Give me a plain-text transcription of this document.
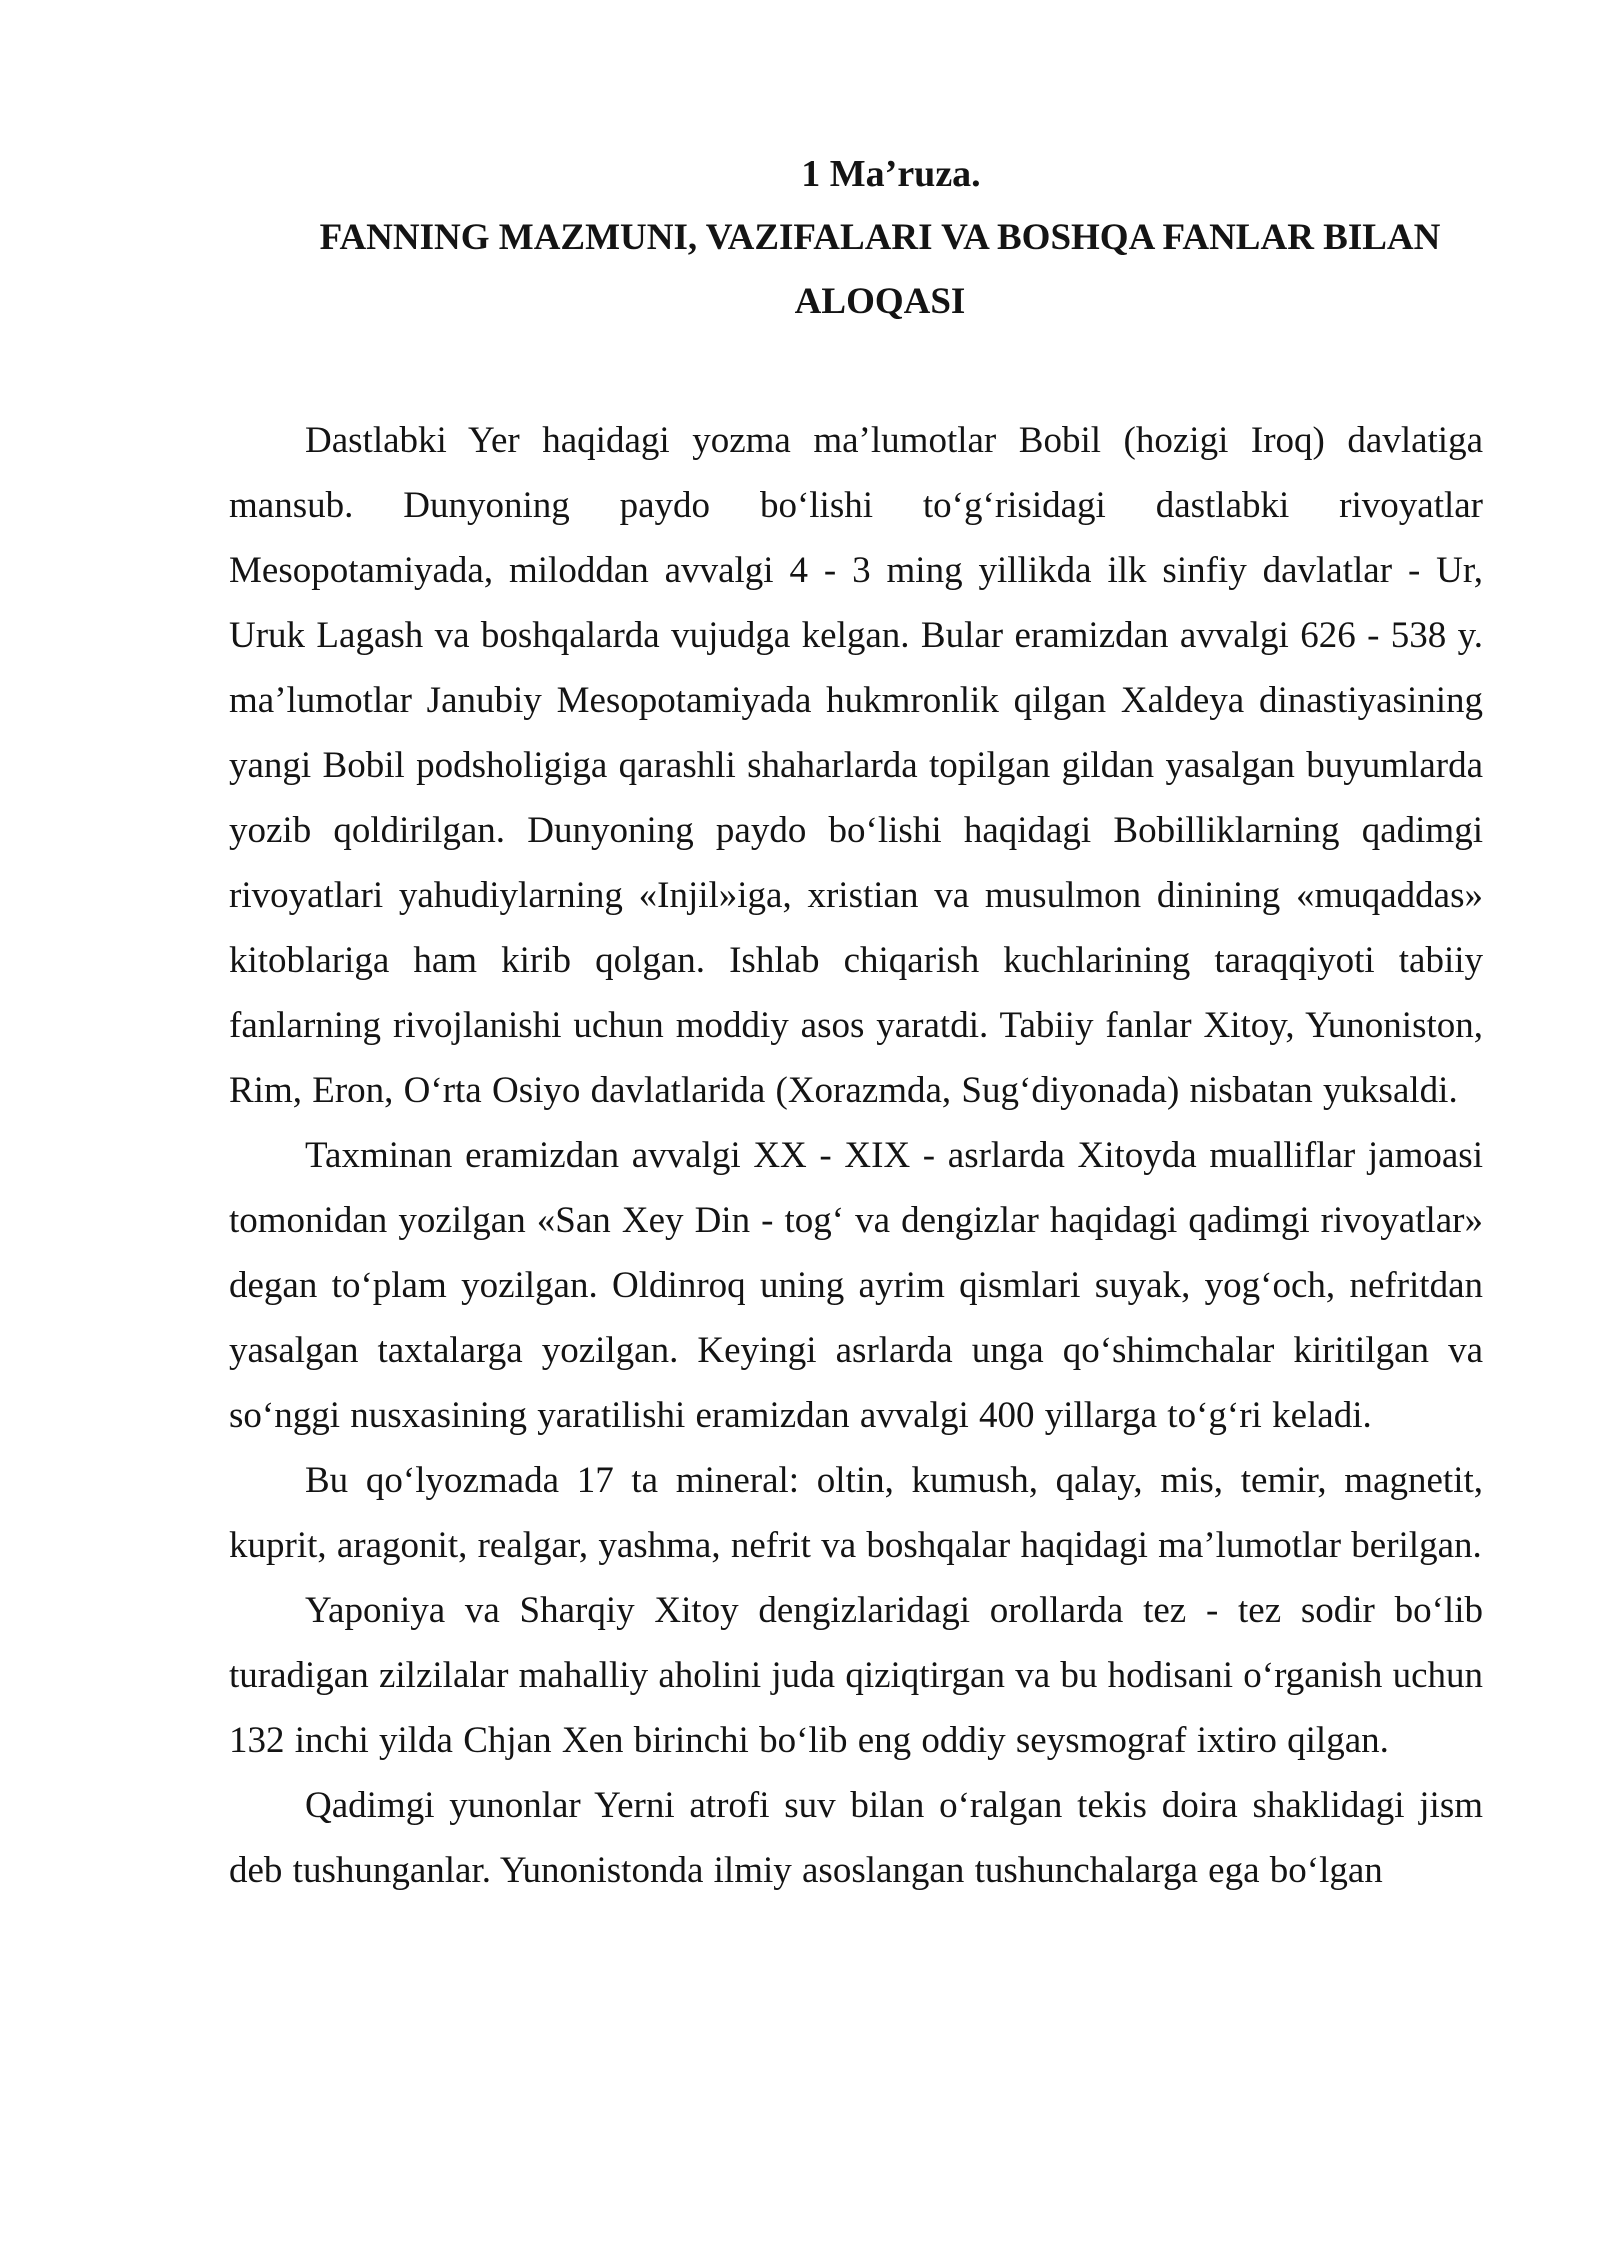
1 Ma’ruza.

FANNING MAZMUNI, VAZIFALARI VA BOSHQA FANLAR BILAN ALOQASI

Dastlabki Yer haqidagi yozma ma’lumotlar Bobil (hozigi Iroq) davlatiga mansub. Dunyoning paydo bo‘lishi to‘g‘risidagi dastlabki rivoyatlar Mesopotamiyada, miloddan avvalgi 4 - 3 ming yillikda ilk sinfiy davlatlar - Ur, Uruk Lagash va boshqalarda vujudga kelgan. Bular eramizdan avvalgi 626 - 538 y. ma’lumotlar Janubiy Mesopotamiyada hukmronlik qilgan Xaldeya dinastiyasining yangi Bobil podsholigiga qarashli shaharlarda topilgan gildan yasalgan buyumlarda yozib qoldirilgan. Dunyoning paydo bo‘lishi haqidagi Bobilliklarning qadimgi rivoyatlari yahudiylarning «Injil»iga, xristian va musulmon dinining «muqaddas» kitoblariga ham kirib qolgan. Ishlab chiqarish kuchlarining taraqqiyoti tabiiy fanlarning rivojlanishi uchun moddiy asos yaratdi. Tabiiy fanlar Xitoy, Yunoniston, Rim, Eron, O‘rta Osiyo davlatlarida (Xorazmda, Sug‘diyonada) nisbatan yuksaldi.

Taxminan eramizdan avvalgi XX - XIX - asrlarda Xitoyda mualliflar jamoasi tomonidan yozilgan «San Xey Din - tog‘ va dengizlar haqidagi qadimgi rivoyatlar» degan to‘plam yozilgan. Oldinroq uning ayrim qismlari suyak, yog‘och, nefritdan yasalgan taxtalarga yozilgan. Keyingi asrlarda unga qo‘shimchalar kiritilgan va so‘nggi nusxasining yaratilishi eramizdan avvalgi 400 yillarga to‘g‘ri keladi.

Bu qo‘lyozmada 17 ta mineral: oltin, kumush, qalay, mis, temir, magnetit, kuprit, aragonit, realgar, yashma, nefrit va boshqalar haqidagi ma’lumotlar berilgan.

Yaponiya va Sharqiy Xitoy dengizlaridagi orollarda tez - tez sodir bo‘lib turadigan zilzilalar mahalliy aholini juda qiziqtirgan va bu hodisani o‘rganish uchun 132 inchi yilda Chjan Xen birinchi bo‘lib eng oddiy seysmograf ixtiro qilgan.

Qadimgi yunonlar Yerni atrofi suv bilan o‘ralgan tekis doira shaklidagi jism deb tushunganlar. Yunonistonda ilmiy asoslangan tushunchalarga ega bo‘lgan
